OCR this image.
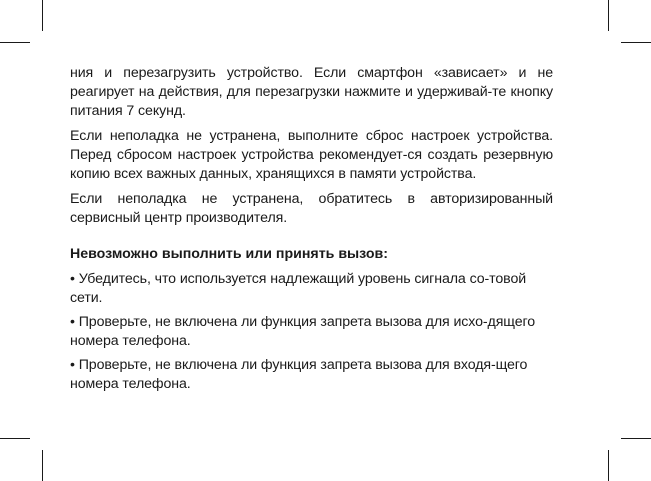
ния и перезагрузить устройство. Если смартфон «зависает» и не реагирует на действия, для перезагрузки нажмите и удерживай-те кнопку питания 7 секунд.

Если неполадка не устранена, выполните сброс настроек устройства. Перед сбросом настроек устройства рекомендует-ся создать резервную копию всех важных данных, хранящихся в памяти устройства.

Если неполадка не устранена, обратитесь в авторизированный сервисный центр производителя.

Невозможно выполнить или принять вызов:

• Убедитесь, что используется надлежащий уровень сигнала со-товой сети.

• Проверьте, не включена ли функция запрета вызова для исхо-дящего номера телефона.

• Проверьте, не включена ли функция запрета вызова для входя-щего номера телефона.
